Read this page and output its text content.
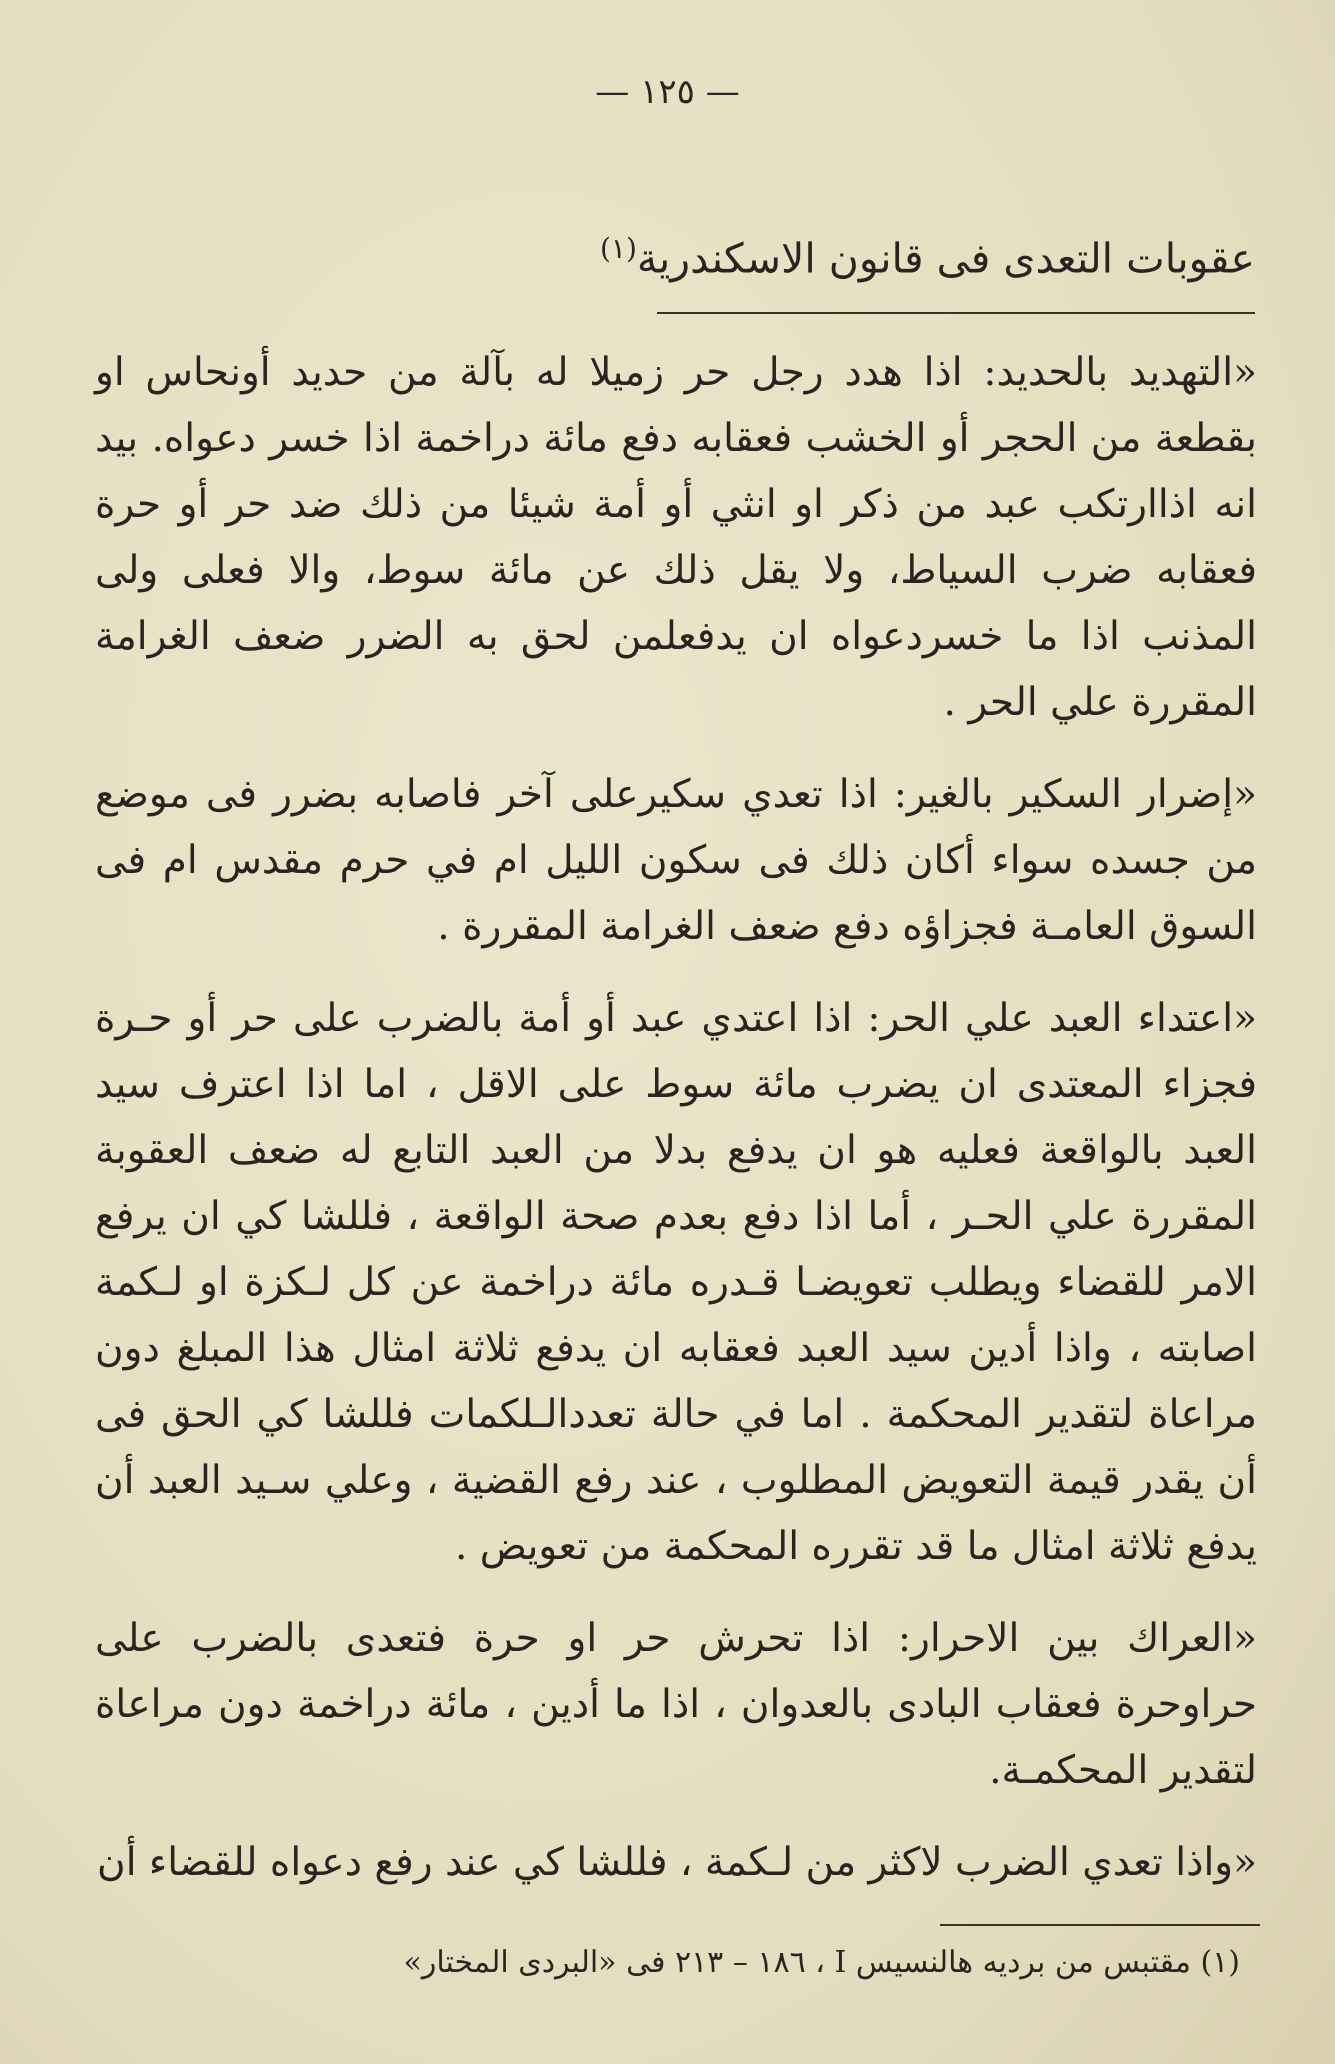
— ١٢٥ —
عقوبات التعدى فى قانون الاسكندرية$^{(١)}$

«التهديد بالحديد: اذا هدد رجل حر زميلا له بآلة من حديد أونحاس او بقطعة من الحجر أو الخشب فعقابه دفع مائة دراخمة اذا خسر دعواه. بيد انه اذاارتكب عبد من ذكر او انثي أو أمة شيئا من ذلك ضد حر أو حرة فعقابه ضرب السياط، ولا يقل ذلك عن مائة سوط، والا فعلى ولى المذنب اذا ما خسردعواه ان يدفعلمن لحق به الضرر ضعف الغرامة المقررة علي الحر .

«إضرار السكير بالغير: اذا تعدي سكيرعلى آخر فاصابه بضرر فى موضع من جسده سواء أكان ذلك فى سكون الليل ام في حرم مقدس ام فى السوق العامـة فجزاؤه دفع ضعف الغرامة المقررة .

«اعتداء العبد علي الحر: اذا اعتدي عبد أو أمة بالضرب على حر أو حـرة فجزاء المعتدى ان يضرب مائة سوط على الاقل ، اما اذا اعترف سيد العبد بالواقعة فعليه هو ان يدفع بدلا من العبد التابع له ضعف العقوبة المقررة علي الحـر ، أما اذا دفع بعدم صحة الواقعة ، فللشا كي ان يرفع الامر للقضاء ويطلب تعويضـا قـدره مائة دراخمة عن كل لـكزة او لـكمة اصابته ، واذا أدين سيد العبد فعقابه ان يدفع ثلاثة امثال هذا المبلغ دون مراعاة لتقدير المحكمة . اما في حالة تعددالـلكمات فللشا كي الحق فى أن يقدر قيمة التعويض المطلوب ، عند رفع القضية ، وعلي سـيد العبد أن يدفع ثلاثة امثال ما قد تقرره المحكمة من تعويض .

«العراك بين الاحرار: اذا تحرش حر او حرة فتعدى بالضرب على حراوحرة فعقاب البادى بالعدوان ، اذا ما أدين ، مائة دراخمة دون مراعاة لتقدير المحكمـة.

«واذا تعدي الضرب لاكثر من لـكمة ، فللشا كي عند رفع دعواه للقضاء أن

(١) مقتبس من برديه هالنسيس I ، ١٨٦ – ٢١٣ فى «البردى المختار»
